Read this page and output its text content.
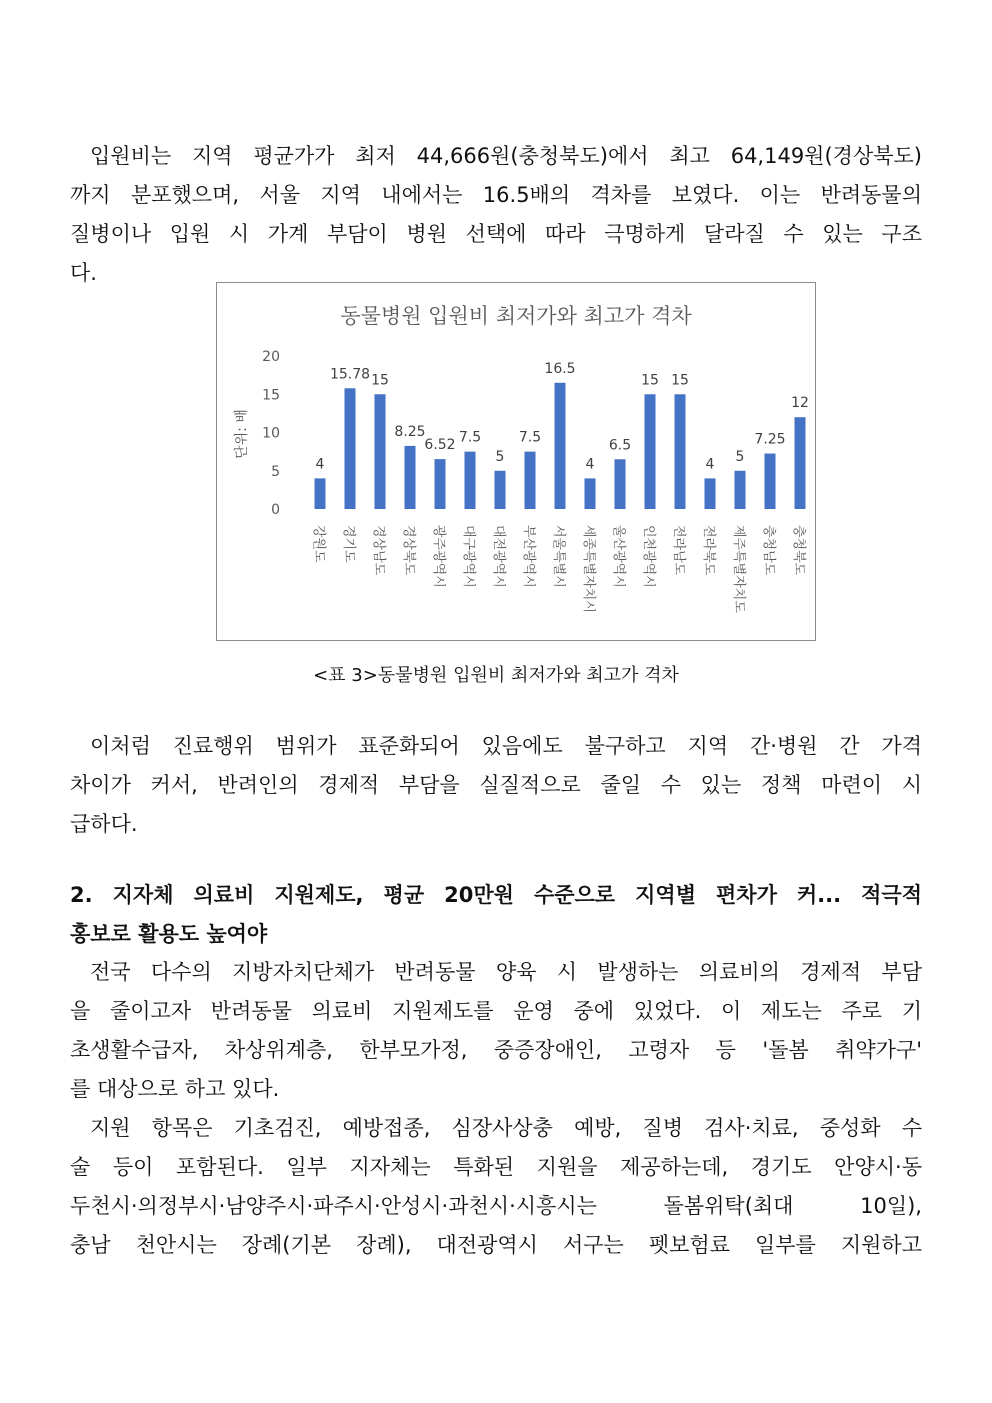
입원비는 지역 평균가가 최저 44,666원(충청북도)에서 최고 64,149원(경상북도)
까지 분포했으며, 서울 지역 내에서는 16.5배의 격차를 보였다. 이는 반려동물의
질병이나 입원 시 가계 부담이 병원 선택에 따라 극명하게 달라질 수 있는 구조
다.
동물병원 입원비 최저가와 최고가 격차
단위: 배
0
5
10
15
20
4
15.78 15
8.25
6.52 7.5
5
7.5
16.5
4
6.5
15 15
4 5
7.25
12
강원도 경기도 경상남도 경상북도 광주광역시 대구광역시 대전광역시 부산광역시 서울특별시 세종특별자치시 울산광역시 인천광역시 전라남도 전라북도 제주특별자치도 충청남도 충청북도

<표 3>동물병원 입원비 최저가와 최고가 격차

이처럼 진료행위 범위가 표준화되어 있음에도 불구하고 지역 간·병원 간 가격
차이가 커서, 반려인의 경제적 부담을 실질적으로 줄일 수 있는 정책 마련이 시
급하다.
2. 지자체 의료비 지원제도, 평균 20만원 수준으로 지역별 편차가 커... 적극적
홍보로 활용도 높여야
전국 다수의 지방자치단체가 반려동물 양육 시 발생하는 의료비의 경제적 부담
을 줄이고자 반려동물 의료비 지원제도를 운영 중에 있었다. 이 제도는 주로 기
초생활수급자, 차상위계층, 한부모가정, 중증장애인, 고령자 등 '돌봄 취약가구'
를 대상으로 하고 있다.
지원 항목은 기초검진, 예방접종, 심장사상충 예방, 질병 검사·치료, 중성화 수
술 등이 포함된다. 일부 지자체는 특화된 지원을 제공하는데, 경기도 안양시·동
두천시·의정부시·남양주시·파주시·안성시·과천시·시흥시는 돌봄위탁(최대 10일),
충남 천안시는 장례(기본 장례), 대전광역시 서구는 펫보험료 일부를 지원하고
